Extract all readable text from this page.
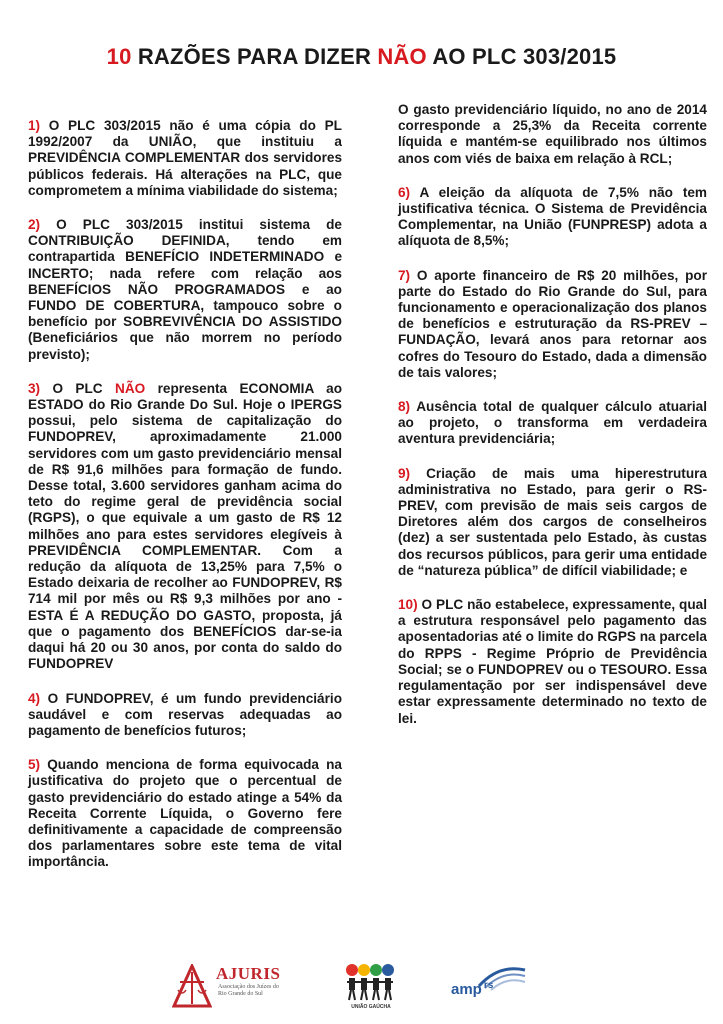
10 RAZÕES PARA DIZER NÃO AO PLC 303/2015

1) O PLC 303/2015 não é uma cópia do PL 1992/2007 da UNIÃO, que instituiu a PREVIDÊNCIA COMPLEMENTAR dos servidores públicos federais. Há alterações na PLC, que comprometem a mínima viabilidade do sistema;

2) O PLC 303/2015 institui sistema de CONTRIBUIÇÃO DEFINIDA, tendo em contrapartida BENEFÍCIO INDETERMINADO e INCERTO; nada refere com relação aos BENEFÍCIOS NÃO PROGRAMADOS e ao FUNDO DE COBERTURA, tampouco sobre o benefício por SOBREVIVÊNCIA DO ASSISTIDO (Beneficiários que não morrem no período previsto);

3) O PLC NÃO representa ECONOMIA ao ESTADO do Rio Grande Do Sul. Hoje o IPERGS possui, pelo sistema de capitalização do FUNDOPREV, aproximadamente 21.000 servidores com um gasto previdenciário mensal de R$ 91,6 milhões para formação de fundo. Desse total, 3.600 servidores ganham acima do teto do regime geral de previdência social (RGPS), o que equivale a um gasto de R$ 12 milhões ano para estes servidores elegíveis à PREVIDÊNCIA COMPLEMENTAR. Com a redução da alíquota de 13,25% para 7,5% o Estado deixaria de recolher ao FUNDOPREV, R$ 714 mil por mês ou R$ 9,3 milhões por ano - ESTA É A REDUÇÃO DO GASTO, proposta, já que o pagamento dos BENEFÍCIOS dar-se-ia daqui há 20 ou 30 anos, por conta do saldo do FUNDOPREV

4) O FUNDOPREV, é um fundo previdenciário saudável e com reservas adequadas ao pagamento de benefícios futuros;

5) Quando menciona de forma equivocada na justificativa do projeto que o percentual de gasto previdenciário do estado atinge a 54% da Receita Corrente Líquida, o Governo fere definitivamente a capacidade de compreensão dos parlamentares sobre este tema de vital importância.

O gasto previdenciário líquido, no ano de 2014 corresponde a 25,3% da Receita corrente líquida e mantém-se equilibrado nos últimos anos com viés de baixa em relação à RCL;

6) A eleição da alíquota de 7,5% não tem justificativa técnica. O Sistema de Previdência Complementar, na União (FUNPRESP) adota a alíquota de 8,5%;

7) O aporte financeiro de R$ 20 milhões, por parte do Estado do Rio Grande do Sul, para funcionamento e operacionalização dos planos de benefícios e estruturação da RS-PREV – FUNDAÇÃO, levará anos para retornar aos cofres do Tesouro do Estado, dada a dimensão de tais valores;

8) Ausência total de qualquer cálculo atuarial ao projeto, o transforma em verdadeira aventura previdenciária;

9) Criação de mais uma hiperestrutura administrativa no Estado, para gerir o RS-PREV, com previsão de mais seis cargos de Diretores além dos cargos de conselheiros (dez) a ser sustentada pelo Estado, às custas dos recursos públicos, para gerir uma entidade de “natureza pública” de difícil viabilidade; e

10) O PLC não estabelece, expressamente, qual a estrutura responsável pelo pagamento das aposentadorias até o limite do RGPS na parcela do RPPS - Regime Próprio de Previdência Social; se o FUNDOPREV ou o TESOURO. Essa regulamentação por ser indispensável deve estar expressamente determinado no texto de lei.

AJURIS
Associação dos Juízes do Rio Grande do Sul
UNIÃO GAÚCHA
amp $^{rs}$
